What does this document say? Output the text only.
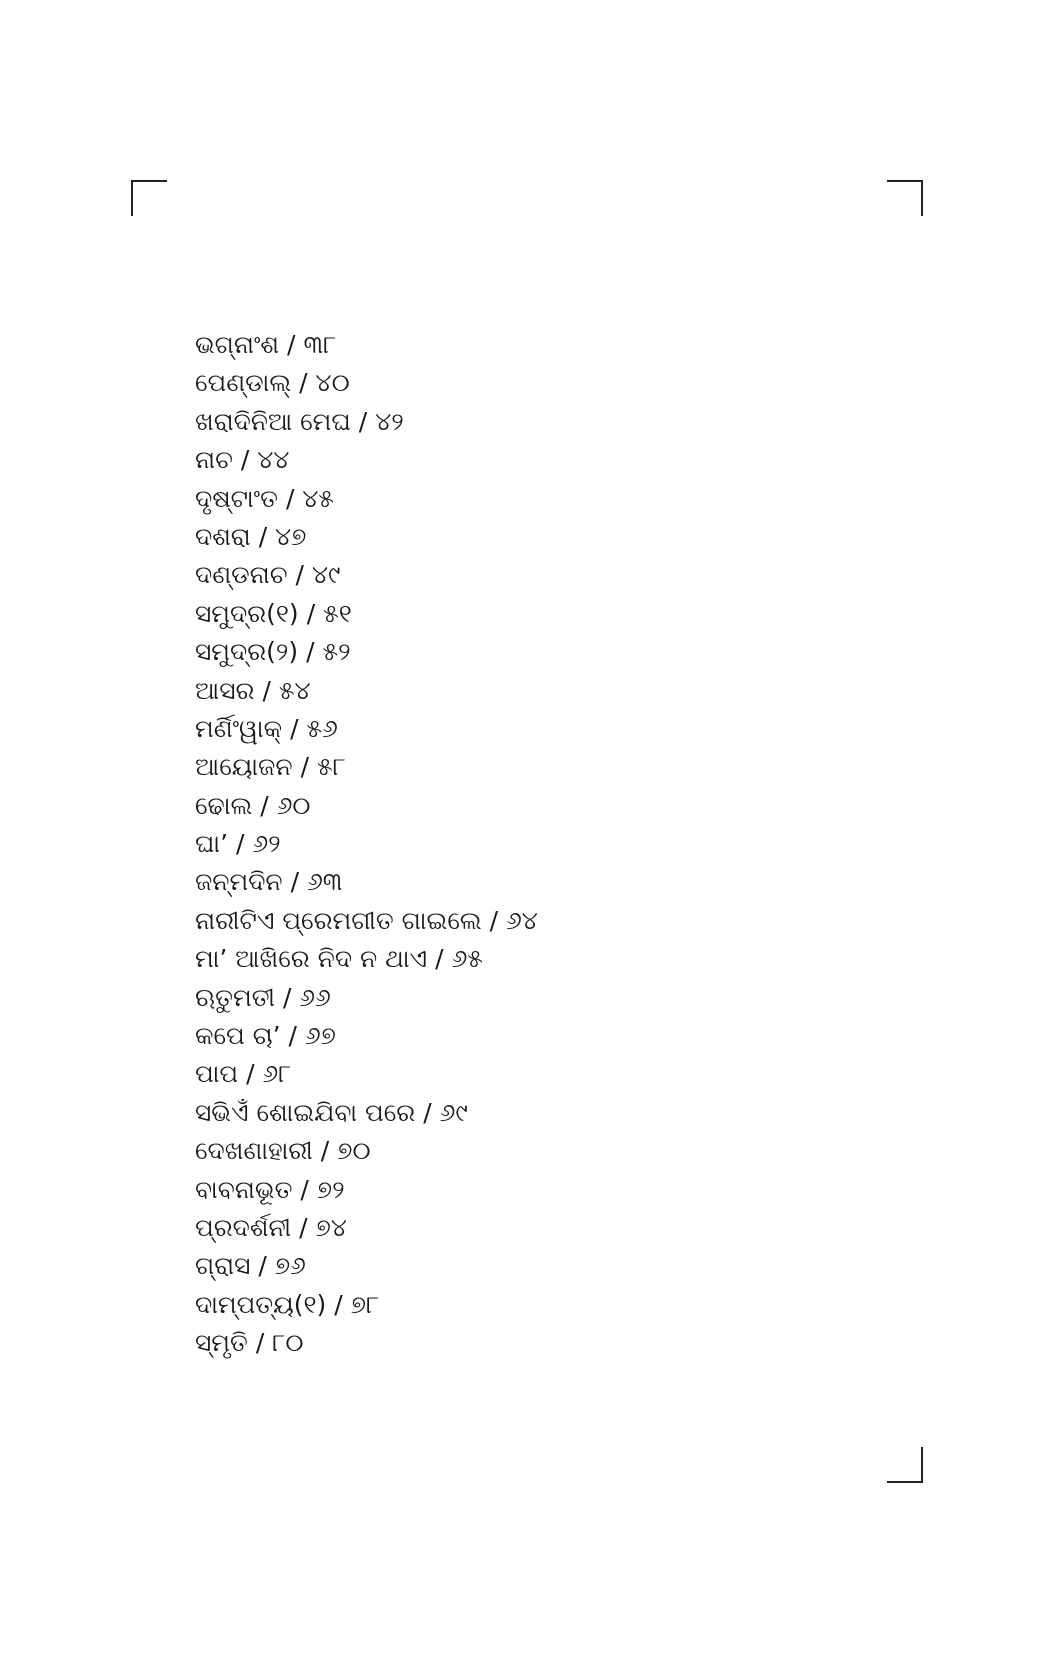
ଭଗ୍ନାଂଶ / ୩୮
ପେଣ୍ଡାଲ୍ / ୪୦
ଖରାଦିନିଆ ମେଘ / ୪୨
ନାଚ / ୪୪
ଦୃଷ୍ଟାଂତ / ୪୫
ଦଶରା / ୪୭
ଦଣ୍ଡନାଚ / ୪୯
ସମୁଦ୍ର(୧) / ୫୧
ସମୁଦ୍ର(୨) / ୫୨
ଆସର / ୫୪
ମର୍ଣିଂୱାକ୍ / ୫୬
ଆୟୋଜନ / ୫୮
ଢୋଲ / ୬୦
ଘା’ / ୬୨
ଜନ୍ମଦିନ / ୬୩
ନାରୀଟିଏ ପ୍ରେମଗୀତ ଗାଇଲେ / ୬୪
ମା’ ଆଖିରେ ନିଦ ନ ଥାଏ / ୬୫
ଋତୁମତୀ / ୬୬
କପେ ଚା’ / ୬୭
ପାପ / ୬୮
ସଭିଏଁ ଶୋଇଯିବା ପରେ / ୬୯
ଦେଖଣାହାରୀ / ୭୦
ବାବନାଭୂତ / ୭୨
ପ୍ରଦର୍ଶନୀ / ୭୪
ଗ୍ରାସ / ୭୬
ଦାମ୍ପତ୍ୟ(୧) / ୭୮
ସ୍ମୃତି / ୮୦
